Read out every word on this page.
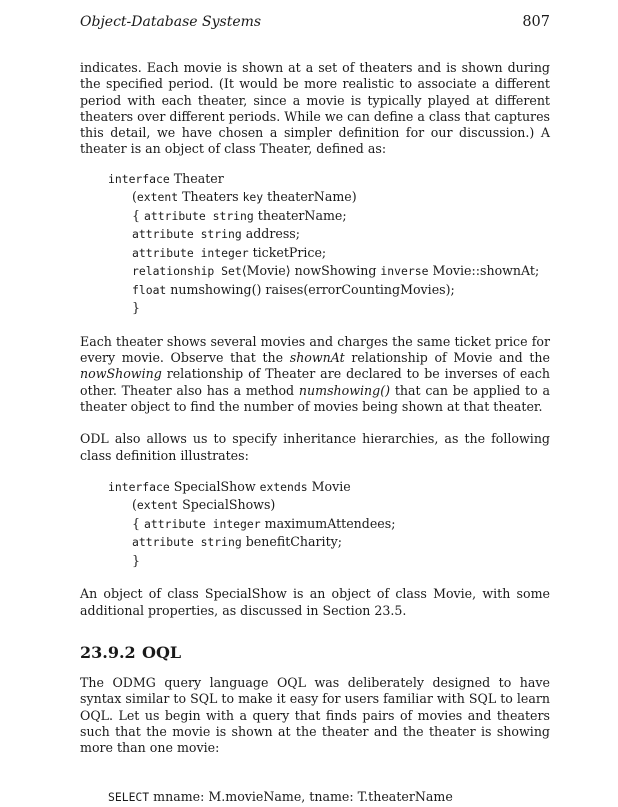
Object-Database Systems	807

indicates. Each movie is shown at a set of theaters and is shown during the specified period. (It would be more realistic to associate a different period with each theater, since a movie is typically played at different theaters over different periods. While we can define a class that captures this detail, we have chosen a simpler definition for our discussion.) A theater is an object of class Theater, defined as:

interface Theater
(extent Theaters key theaterName)
{ attribute string theaterName;
attribute string address;
attribute integer ticketPrice;
relationship Set⟨Movie⟩ nowShowing inverse Movie::shownAt;
float numshowing() raises(errorCountingMovies);
}

Each theater shows several movies and charges the same ticket price for every movie. Observe that the shownAt relationship of Movie and the nowShowing relationship of Theater are declared to be inverses of each other. Theater also has a method numshowing() that can be applied to a theater object to find the number of movies being shown at that theater.

ODL also allows us to specify inheritance hierarchies, as the following class definition illustrates:

interface SpecialShow extends Movie
(extent SpecialShows)
{ attribute integer maximumAttendees;
attribute string benefitCharity;
}

An object of class SpecialShow is an object of class Movie, with some additional properties, as discussed in Section 23.5.

23.9.2 OQL

The ODMG query language OQL was deliberately designed to have syntax similar to SQL to make it easy for users familiar with SQL to learn OQL. Let us begin with a query that finds pairs of movies and theaters such that the movie is shown at the theater and the theater is showing more than one movie:

SELECT mname: M.movieName, tname: T.theaterName
